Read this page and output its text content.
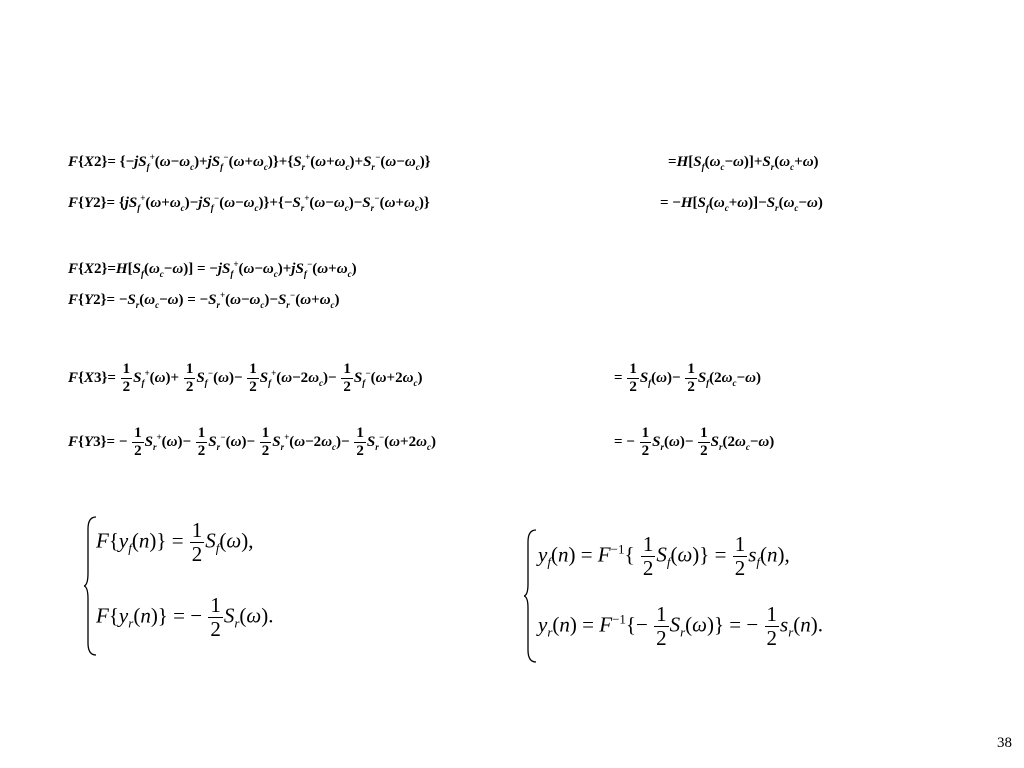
$F\{X2\}= \{-jS_f^+(\omega-\omega_c)+jS_f^-(\omega+\omega_c)\}+\{S_r^+(\omega+\omega_c)+S_r^-(\omega-\omega_c)\}$	$=H[S_f(\omega_c-\omega)]+S_r(\omega_c+\omega)$
$F\{Y2\}= \{jS_f^+(\omega+\omega_c)-jS_f^-(\omega-\omega_c)\}+\{-S_r^+(\omega-\omega_c)-S_r^-(\omega+\omega_c)\}$	= $-H[S_f(\omega_c+\omega)]-S_r(\omega_c-\omega)$
$F\{X2\}=H[S_f(\omega_c-\omega)] = -jS_f^+(\omega-\omega_c)+jS_f^-(\omega+\omega_c)$
$F\{Y2\}= -S_r(\omega_c-\omega) = -S_r^+(\omega-\omega_c)-S_r^-(\omega+\omega_c)$
$F\{X3\}= \frac{1}{2} S_f^+(\omega)+ \frac{1}{2} S_f^-(\omega)- \frac{1}{2} S_f^+(\omega-2\omega_c)- \frac{1}{2} S_f^-(\omega+2\omega_c)$	= $\frac{1}{2} S_f(\omega)- \frac{1}{2} S_f(2\omega_c-\omega)$
$F\{Y3\}= - \frac{1}{2} S_r^+(\omega)- \frac{1}{2} S_r^-(\omega)- \frac{1}{2} S_r^+(\omega-2\omega_c)- \frac{1}{2} S_r^-(\omega+2\omega_c)$	= − $\frac{1}{2} S_r(\omega)- \frac{1}{2} S_r(2\omega_c-\omega)$
$F\{y_f(n)\} = \frac{1}{2} S_f(\omega)$,
$F\{y_r(n)\}$ = − $\frac{1}{2} S_r(\omega)$.
$y_f(n) = F^{-1}\{ \frac{1}{2} S_f(\omega)\} = \frac{1}{2} s_f(n)$,
$y_r(n) = F^{-1}\{- \frac{1}{2} S_r(\omega)\}$ = − $\frac{1}{2} s_r(n)$.
38
